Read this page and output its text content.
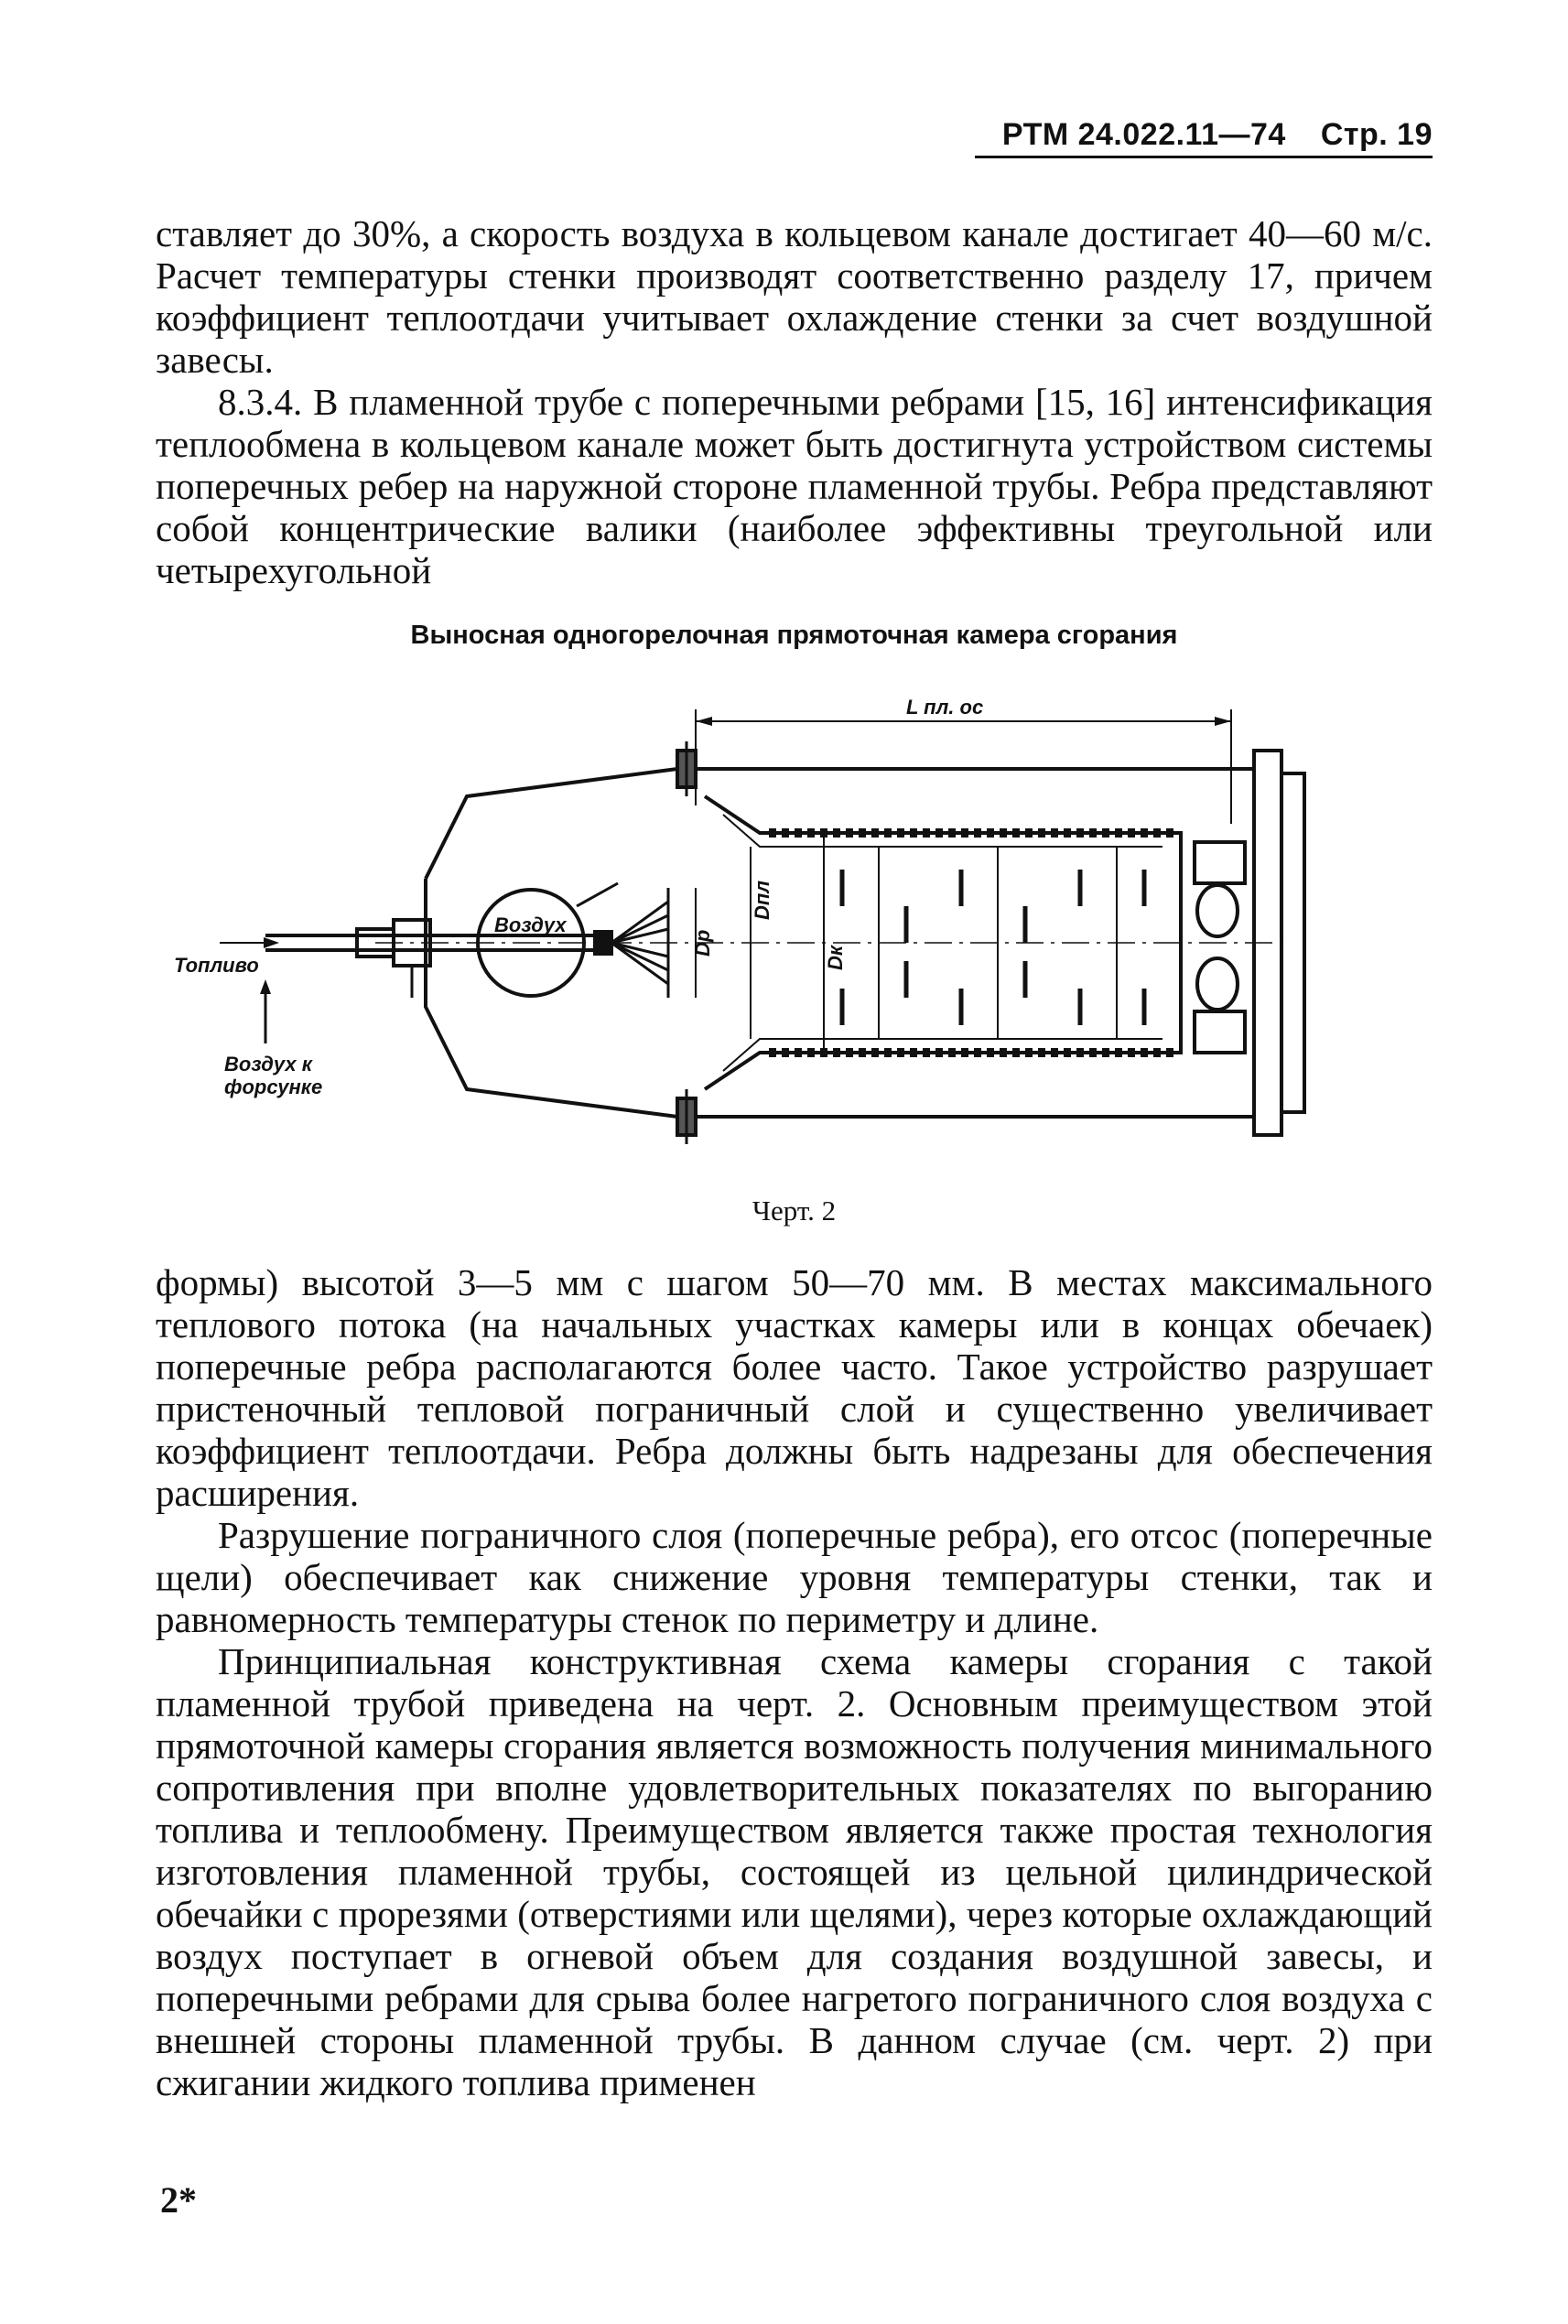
РТМ 24.022.11—74 Стр. 19

ставляет до 30%, а скорость воздуха в кольцевом канале достигает 40—60 м/с. Расчет температуры стенки производят соответственно разделу 17, причем коэффициент теплоотдачи учитывает охлаждение стенки за счет воздушной завесы.

8.3.4. В пламенной трубе с поперечными ребрами [15, 16] интенсификация теплообмена в кольцевом канале может быть достигнута устройством системы поперечных ребер на наружной стороне пламенной трубы. Ребра представляют собой концентрические валики (наиболее эффективны треугольной или четырехугольной

Выносная одногорелочная прямоточная камера сгорания
L пл. ос
Воздух
Топливо
Воздух к
форсунке
Dр
Dпл
Dк
Черт. 2

формы) высотой 3—5 мм с шагом 50—70 мм. В местах максимального теплового потока (на начальных участках камеры или в концах обечаек) поперечные ребра располагаются более часто. Такое устройство разрушает пристеночный тепловой пограничный слой и существенно увеличивает коэффициент теплоотдачи. Ребра должны быть надрезаны для обеспечения расширения.

Разрушение пограничного слоя (поперечные ребра), его отсос (поперечные щели) обеспечивает как снижение уровня температуры стенки, так и равномерность температуры стенок по периметру и длине.

Принципиальная конструктивная схема камеры сгорания с такой пламенной трубой приведена на черт. 2. Основным преимуществом этой прямоточной камеры сгорания является возможность получения минимального сопротивления при вполне удовлетворительных показателях по выгоранию топлива и теплообмену. Преимуществом является также простая технология изготовления пламенной трубы, состоящей из цельной цилиндрической обечайки с прорезями (отверстиями или щелями), через которые охлаждающий воздух поступает в огневой объем для создания воздушной завесы, и поперечными ребрами для срыва более нагретого пограничного слоя воздуха с внешней стороны пламенной трубы. В данном случае (см. черт. 2) при сжигании жидкого топлива применен

2*
